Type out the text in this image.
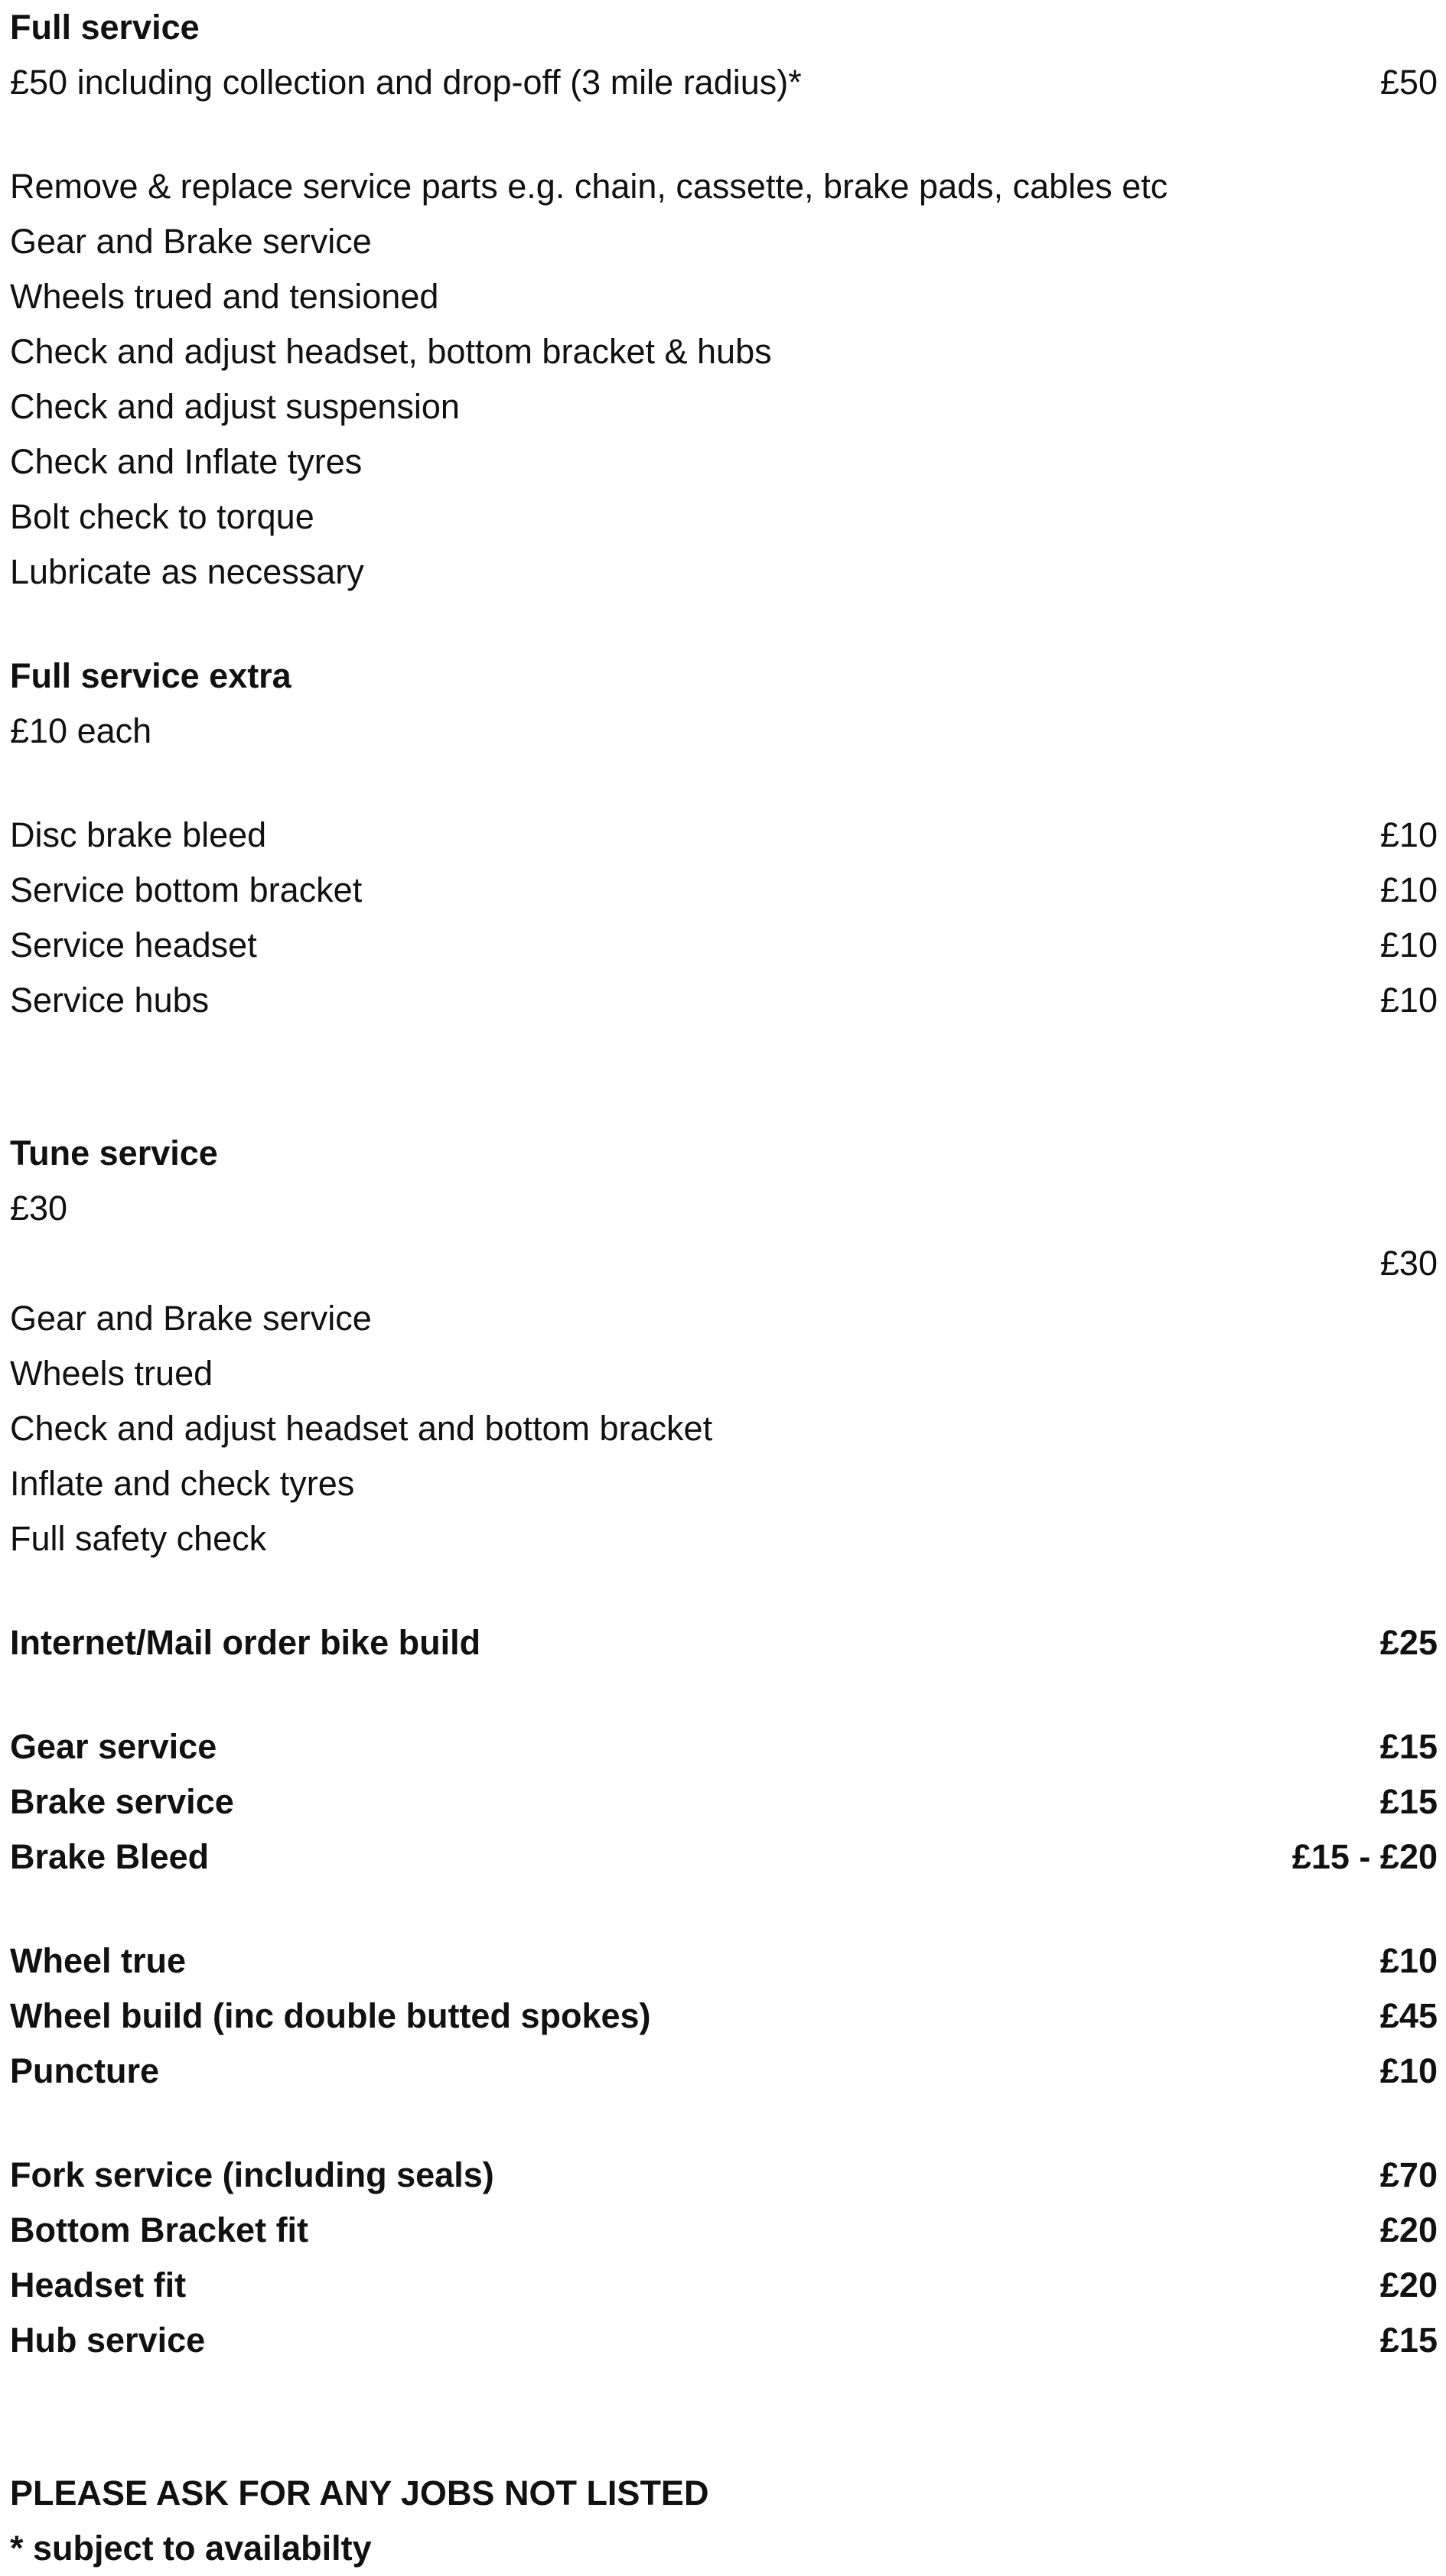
Full service
£50 including collection and drop-off (3 mile radius)*	£50
Remove & replace service parts e.g. chain, cassette, brake pads, cables etc
Gear and Brake service
Wheels trued and tensioned
Check and adjust headset, bottom bracket & hubs
Check and adjust suspension
Check and Inflate tyres
Bolt check to torque
Lubricate as necessary
Full service extra
£10 each
Disc brake bleed	£10
Service bottom bracket	£10
Service headset	£10
Service hubs	£10
Tune service
£30
£30
Gear and Brake service
Wheels trued
Check and adjust headset and bottom bracket
Inflate and check tyres
Full safety check
Internet/Mail order bike build	£25
Gear service	£15
Brake service	£15
Brake Bleed	£15 - £20
Wheel true	£10
Wheel build (inc double butted spokes)	£45
Puncture	£10
Fork service (including seals)	£70
Bottom Bracket fit	£20
Headset fit	£20
Hub service	£15
PLEASE ASK FOR ANY JOBS NOT LISTED
* subject to availabilty
